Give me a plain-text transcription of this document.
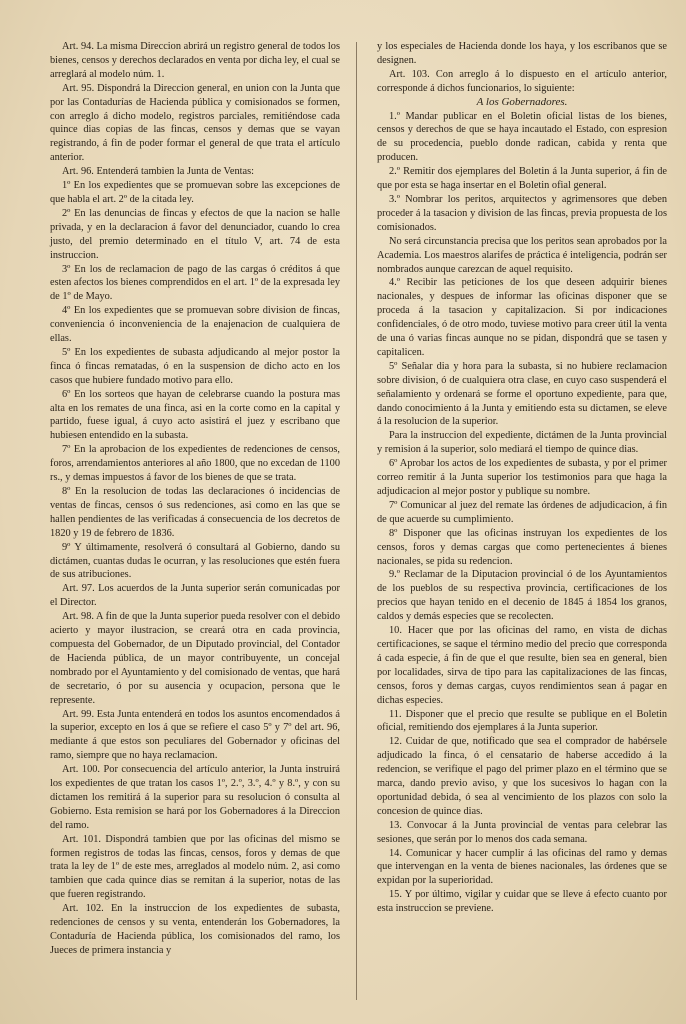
Art. 94. La misma Direccion abrirá un registro general de todos los bienes, censos y derechos declarados en venta por dicha ley, el cual se arreglará al modelo núm. 1.

Art. 95. Dispondrá la Direccion general, en union con la Junta que por las Contadurías de Hacienda pública y comisionados se formen, con arreglo á dicho modelo, registros parciales, remitiéndose cada quince dias copias de las fincas, censos y demas que se vayan registrando, á fin de poder formar el general de que trata el artículo anterior.

Art. 96. Entenderá tambien la Junta de Ventas:

1º En los expedientes que se promuevan sobre las excepciones de que habla el art. 2º de la citada ley.

2º En las denuncias de fincas y efectos de que la nacion se halle privada, y en la declaracion á favor del denunciador, cuando lo crea justo, del premio determinado en el título V, art. 74 de esta instruccion.

3º En los de reclamacion de pago de las cargas ó créditos á que esten afectos los bienes comprendidos en el art. 1º de la expresada ley de 1º de Mayo.

4º En los expedientes que se promuevan sobre division de fincas, conveniencia ó inconveniencia de la enajenacion de cualquiera de ellas.

5º En los expedientes de subasta adjudicando al mejor postor la finca ó fincas rematadas, ó en la suspension de dicho acto en los casos que hubiere fundado motivo para ello.

6º En los sorteos que hayan de celebrarse cuando la postura mas alta en los remates de una finca, asi en la corte como en la capital y partido, fuese igual, á cuyo acto asistirá el juez y escribano que hubiesen entendido en la subasta.

7º En la aprobacion de los expedientes de redenciones de censos, foros, arrendamientos anteriores al año 1800, que no excedan de 1100 rs., y demas impuestos á favor de los bienes de que se trata.

8º En la resolucion de todas las declaraciones ó incidencias de ventas de fincas, censos ó sus redenciones, asi como en las que se hallen pendientes de las verificadas á consecuencia de los decretos de 1820 y 19 de febrero de 1836.

9º Y últimamente, resolverá ó consultará al Gobierno, dando su dictámen, cuantas dudas le ocurran, y las resoluciones que estén fuera de sus atribuciones.

Art. 97. Los acuerdos de la Junta superior serán comunicadas por el Director.

Art. 98. A fin de que la Junta superior pueda resolver con el debido acierto y mayor ilustracion, se creará otra en cada provincia, compuesta del Gobernador, de un Diputado provincial, del Contador de Hacienda pública, de un mayor contribuyente, un concejal nombrado por el Ayuntamiento y del comisionado de ventas, que hará de secretario, ó por su ausencia y ocupacion, persona que le represente.

Art. 99. Esta Junta entenderá en todos los asuntos encomendados á la superior, excepto en los á que se refiere el caso 5º y 7º del art. 96, mediante á que estos son peculiares del Gobernador y oficinas del ramo, siempre que no haya reclamacion.

Art. 100. Por consecuencia del artículo anterior, la Junta instruirá los expedientes de que tratan los casos 1º, 2.º, 3.º, 4.º y 8.º, y con su dictamen los remitirá á la superior para su resolucion ó consulta al Gobierno. Esta remision se hará por los Gobernadores á la Direccion del ramo.

Art. 101. Dispondrá tambien que por las oficinas del mismo se formen registros de todas las fincas, censos, foros y demas de que trata la ley de 1º de este mes, arreglados al modelo núm. 2, asi como tambien que cada quince dias se remitan á la superior, notas de las que fueren registrando.

Art. 102. En la instruccion de los expedientes de subasta, redenciones de censos y su venta, entenderán los Gobernadores, la Contaduría de Hacienda pública, los comisionados del ramo, los Jueces de primera instancia y

y los especiales de Hacienda donde los haya, y los escribanos que se designen.

Art. 103. Con arreglo á lo dispuesto en el artículo anterior, corresponde á dichos funcionarios, lo siguiente:

A los Gobernadores.

1.º Mandar publicar en el Boletin oficial listas de los bienes, censos y derechos de que se haya incautado el Estado, con espresion de su procedencia, pueblo donde radican, cabida y renta que producen.

2.º Remitir dos ejemplares del Boletin á la Junta superior, á fin de que por esta se haga insertar en el Boletin ofial general.

3.º Nombrar los peritos, arquitectos y agrimensores que deben proceder á la tasacion y division de las fincas, previa propuesta de los comisionados.

No será circunstancia precisa que los peritos sean aprobados por la Academia. Los maestros alarifes de práctica é inteligencia, podrán ser nombrados aunque carezcan de aquel requisito.

4.º Recibir las peticiones de los que deseen adquirir bienes nacionales, y despues de informar las oficinas disponer que se proceda á la tasacion y capitalizacion. Si por indicaciones confidenciales, ó de otro modo, tuviese motivo para creer útil la venta de una ó varias fincas aunque no se pidan, dispondrá que se tasen y capitalicen.

5º Señalar dia y hora para la subasta, si no hubiere reclamacion sobre division, ó de cualquiera otra clase, en cuyo caso suspenderá el señalamiento y ordenará se forme el oportuno expediente, para que, dando conocimiento á la Junta y emitiendo esta su dictamen, se eleve á la resolucion de la superior.

Para la instruccion del expediente, dictámen de la Junta provincial y remision á la superior, solo mediará el tiempo de quince dias.

6º Aprobar los actos de los expedientes de subasta, y por el primer correo remitir á la Junta superior los testimonios para que haga la adjudicacion al mejor postor y publique su nombre.

7º Comunicar al juez del remate las órdenes de adjudicacion, á fin de que acuerde su cumplimiento.

8º Disponer que las oficinas instruyan los expedientes de los censos, foros y demas cargas que como pertenecientes á bienes nacionales, se pida su redencion.

9.º Reclamar de la Diputacion provincial ó de los Ayuntamientos de los pueblos de su respectiva provincia, certificaciones de los precios que hayan tenido en el decenio de 1845 á 1854 los granos, caldos y demás especies que se recolecten.

10. Hacer que por las oficinas del ramo, en vista de dichas certificaciones, se saque el término medio del precio que corresponda á cada especie, á fin de que el que resulte, bien sea en general, bien por localidades, sirva de tipo para las capitalizaciones de las fincas, censos, foros y demas cargas, cuyos rendimientos sean á pagar en dichas especies.

11. Disponer que el precio que resulte se publique en el Boletin oficial, remitiendo dos ejemplares á la Junta superior.

12. Cuidar de que, notificado que sea el comprador de habérsele adjudicado la finca, ó el censatario de haberse accedido á la redencion, se verifique el pago del primer plazo en el término que se marca, dando previo aviso, y que los sucesivos lo hagan con la oportunidad debida, ó sea al vencimiento de los plazos con solo la concesion de quince dias.

13. Convocar á la Junta provincial de ventas para celebrar las sesiones, que serán por lo menos dos cada semana.

14. Comunicar y hacer cumplir á las oficinas del ramo y demas que intervengan en la venta de bienes nacionales, las órdenes que se expidan por la superioridad.

15. Y por último, vigilar y cuidar que se lleve á efecto cuanto por esta instruccion se previene.
